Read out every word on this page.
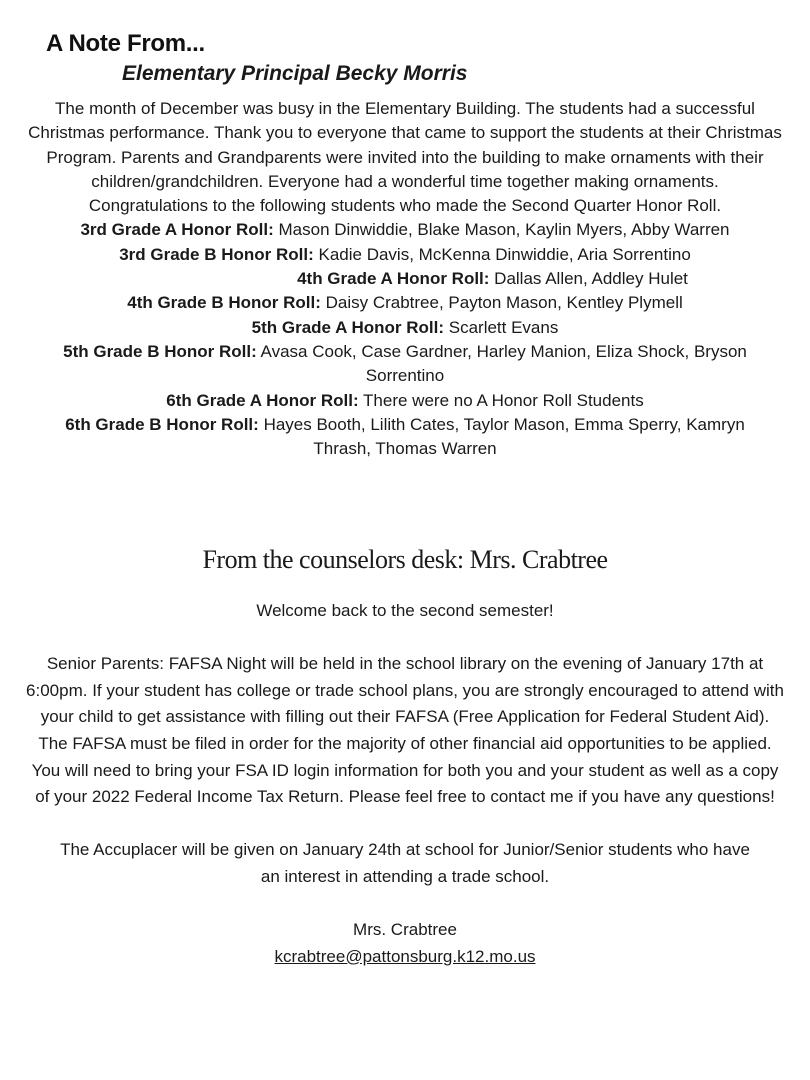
A Note From...
Elementary Principal Becky Morris

The month of December was busy in the Elementary Building. The students had a successful Christmas performance. Thank you to everyone that came to support the students at their Christmas Program. Parents and Grandparents were invited into the building to make ornaments with their children/grandchildren. Everyone had a wonderful time together making ornaments.

Congratulations to the following students who made the Second Quarter Honor Roll.

3rd Grade A Honor Roll: Mason Dinwiddie, Blake Mason, Kaylin Myers, Abby Warren

3rd Grade B Honor Roll: Kadie Davis, McKenna Dinwiddie, Aria Sorrentino

4th Grade A Honor Roll: Dallas Allen, Addley Hulet

4th Grade B Honor Roll: Daisy Crabtree, Payton Mason, Kentley Plymell

5th Grade A Honor Roll: Scarlett Evans

5th Grade B Honor Roll: Avasa Cook, Case Gardner, Harley Manion, Eliza Shock, Bryson Sorrentino

6th Grade A Honor Roll: There were no A Honor Roll Students

6th Grade B Honor Roll: Hayes Booth, Lilith Cates, Taylor Mason, Emma Sperry, Kamryn Thrash, Thomas Warren

From the counselors desk: Mrs. Crabtree

Welcome back to the second semester!

Senior Parents: FAFSA Night will be held in the school library on the evening of January 17th at 6:00pm. If your student has college or trade school plans, you are strongly encouraged to attend with your child to get assistance with filling out their FAFSA (Free Application for Federal Student Aid). The FAFSA must be filed in order for the majority of other financial aid opportunities to be applied. You will need to bring your FSA ID login information for both you and your student as well as a copy of your 2022 Federal Income Tax Return. Please feel free to contact me if you have any questions!

The Accuplacer will be given on January 24th at school for Junior/Senior students who have an interest in attending a trade school.

Mrs. Crabtree

kcrabtree@pattonsburg.k12.mo.us
